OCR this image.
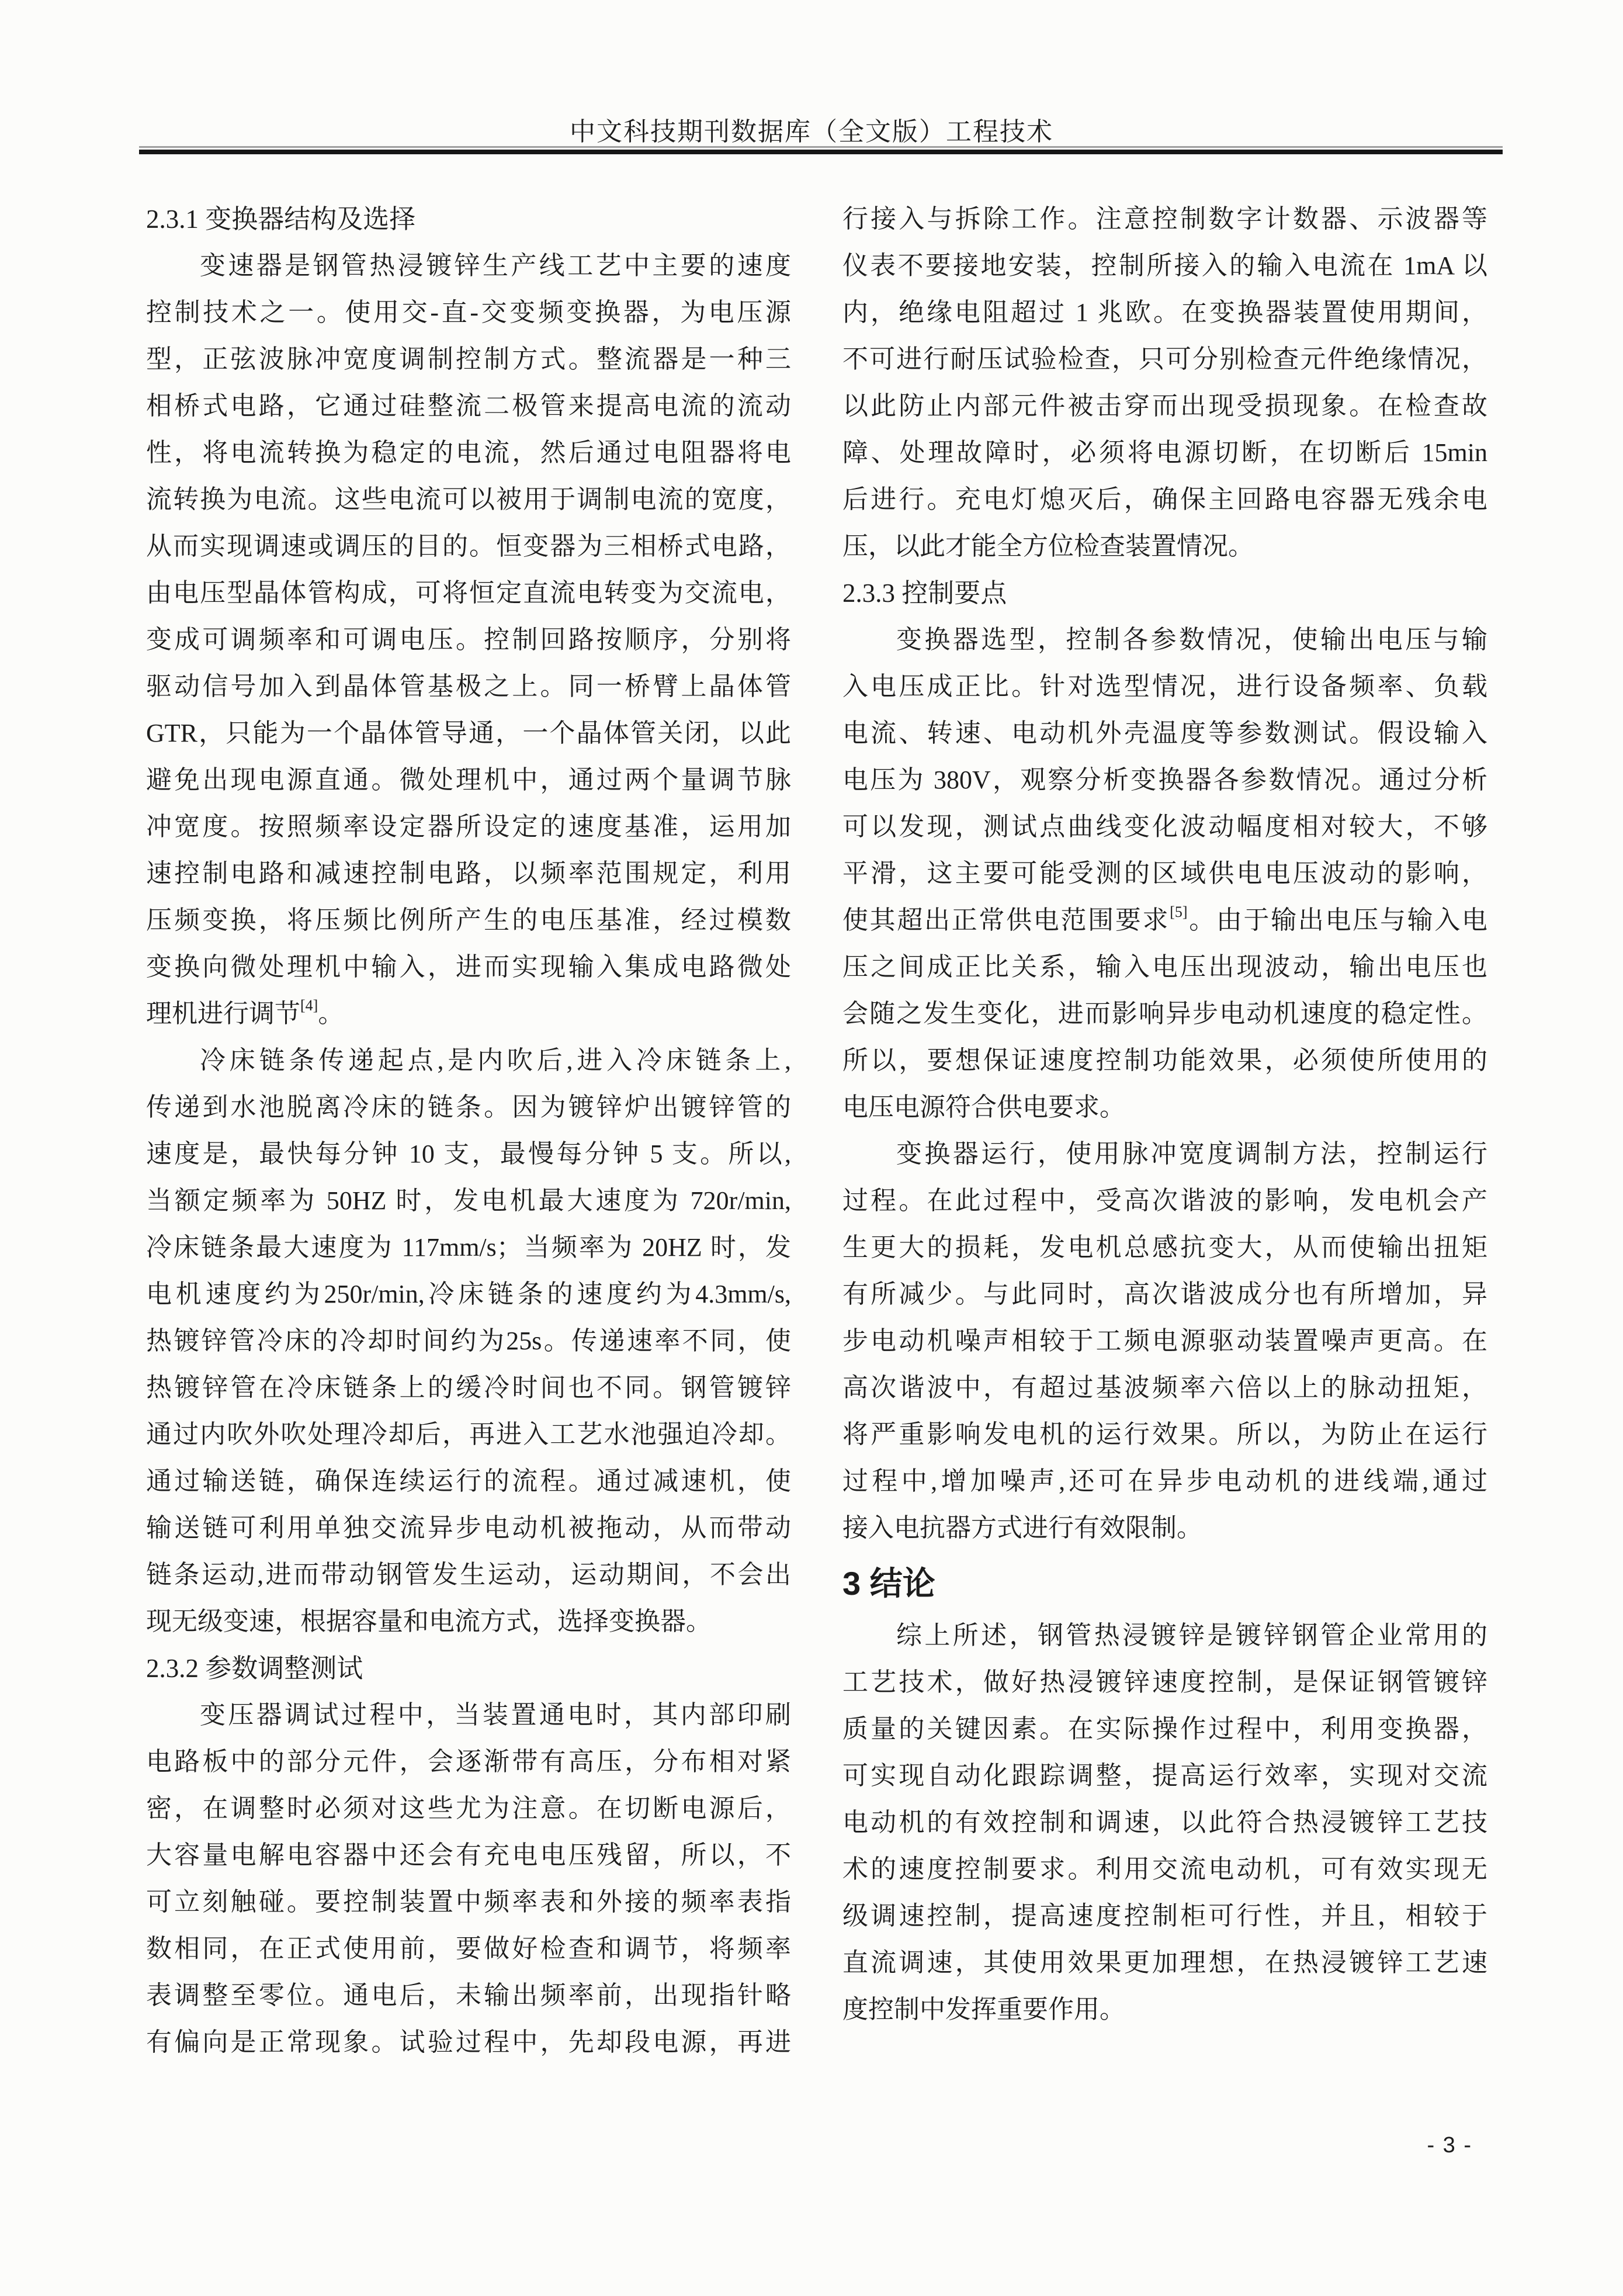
中文科技期刊数据库（全文版）工程技术
2.3.1 变换器结构及选择
变速器是钢管热浸镀锌生产线工艺中主要的速度
控制技术之一。使用交-直-交变频变换器，为电压源
型，正弦波脉冲宽度调制控制方式。整流器是一种三
相桥式电路，它通过硅整流二极管来提高电流的流动
性，将电流转换为稳定的电流，然后通过电阻器将电
流转换为电流。这些电流可以被用于调制电流的宽度，
从而实现调速或调压的目的。恒变器为三相桥式电路，
由电压型晶体管构成，可将恒定直流电转变为交流电，
变成可调频率和可调电压。控制回路按顺序，分别将
驱动信号加入到晶体管基极之上。同一桥臂上晶体管
GTR，只能为一个晶体管导通，一个晶体管关闭，以此
避免出现电源直通。微处理机中，通过两个量调节脉
冲宽度。按照频率设定器所设定的速度基准，运用加
速控制电路和减速控制电路，以频率范围规定，利用
压频变换，将压频比例所产生的电压基准，经过模数
变换向微处理机中输入，进而实现输入集成电路微处
理机进行调节[4]。
冷床链条传递起点,是内吹后,进入冷床链条上,
传递到水池脱离冷床的链条。因为镀锌炉出镀锌管的
速度是，最快每分钟 10 支，最慢每分钟 5 支。所以,
当额定频率为 50HZ 时，发电机最大速度为 720r/min,
冷床链条最大速度为 117mm/s；当频率为 20HZ 时，发
电机速度约为250r/min,冷床链条的速度约为4.3mm/s,
热镀锌管冷床的冷却时间约为25s。传递速率不同，使
热镀锌管在冷床链条上的缓冷时间也不同。钢管镀锌
通过内吹外吹处理冷却后，再进入工艺水池强迫冷却。
通过输送链，确保连续运行的流程。通过减速机，使
输送链可利用单独交流异步电动机被拖动，从而带动
链条运动,进而带动钢管发生运动，运动期间，不会出
现无级变速，根据容量和电流方式，选择变换器。
2.3.2 参数调整测试
变压器调试过程中，当装置通电时，其内部印刷
电路板中的部分元件，会逐渐带有高压，分布相对紧
密，在调整时必须对这些尤为注意。在切断电源后，
大容量电解电容器中还会有充电电压残留，所以，不
可立刻触碰。要控制装置中频率表和外接的频率表指
数相同，在正式使用前，要做好检查和调节，将频率
表调整至零位。通电后，未输出频率前，出现指针略
有偏向是正常现象。试验过程中，先却段电源，再进
行接入与拆除工作。注意控制数字计数器、示波器等
仪表不要接地安装，控制所接入的输入电流在 1mA 以
内，绝缘电阻超过 1 兆欧。在变换器装置使用期间，
不可进行耐压试验检查，只可分别检查元件绝缘情况，
以此防止内部元件被击穿而出现受损现象。在检查故
障、处理故障时，必须将电源切断，在切断后 15min
后进行。充电灯熄灭后，确保主回路电容器无残余电
压，以此才能全方位检查装置情况。
2.3.3 控制要点
变换器选型，控制各参数情况，使输出电压与输
入电压成正比。针对选型情况，进行设备频率、负载
电流、转速、电动机外壳温度等参数测试。假设输入
电压为 380V，观察分析变换器各参数情况。通过分析
可以发现，测试点曲线变化波动幅度相对较大，不够
平滑，这主要可能受测的区域供电电压波动的影响，
使其超出正常供电范围要求[5]。由于输出电压与输入电
压之间成正比关系，输入电压出现波动，输出电压也
会随之发生变化，进而影响异步电动机速度的稳定性。
所以，要想保证速度控制功能效果，必须使所使用的
电压电源符合供电要求。
变换器运行，使用脉冲宽度调制方法，控制运行
过程。在此过程中，受高次谐波的影响，发电机会产
生更大的损耗，发电机总感抗变大，从而使输出扭矩
有所减少。与此同时，高次谐波成分也有所增加，异
步电动机噪声相较于工频电源驱动装置噪声更高。在
高次谐波中，有超过基波频率六倍以上的脉动扭矩，
将严重影响发电机的运行效果。所以，为防止在运行
过程中,增加噪声,还可在异步电动机的进线端,通过
接入电抗器方式进行有效限制。
3 结论
综上所述，钢管热浸镀锌是镀锌钢管企业常用的
工艺技术，做好热浸镀锌速度控制，是保证钢管镀锌
质量的关键因素。在实际操作过程中，利用变换器，
可实现自动化跟踪调整，提高运行效率，实现对交流
电动机的有效控制和调速，以此符合热浸镀锌工艺技
术的速度控制要求。利用交流电动机，可有效实现无
级调速控制，提高速度控制柜可行性，并且，相较于
直流调速，其使用效果更加理想，在热浸镀锌工艺速
度控制中发挥重要作用。
- 3 -
